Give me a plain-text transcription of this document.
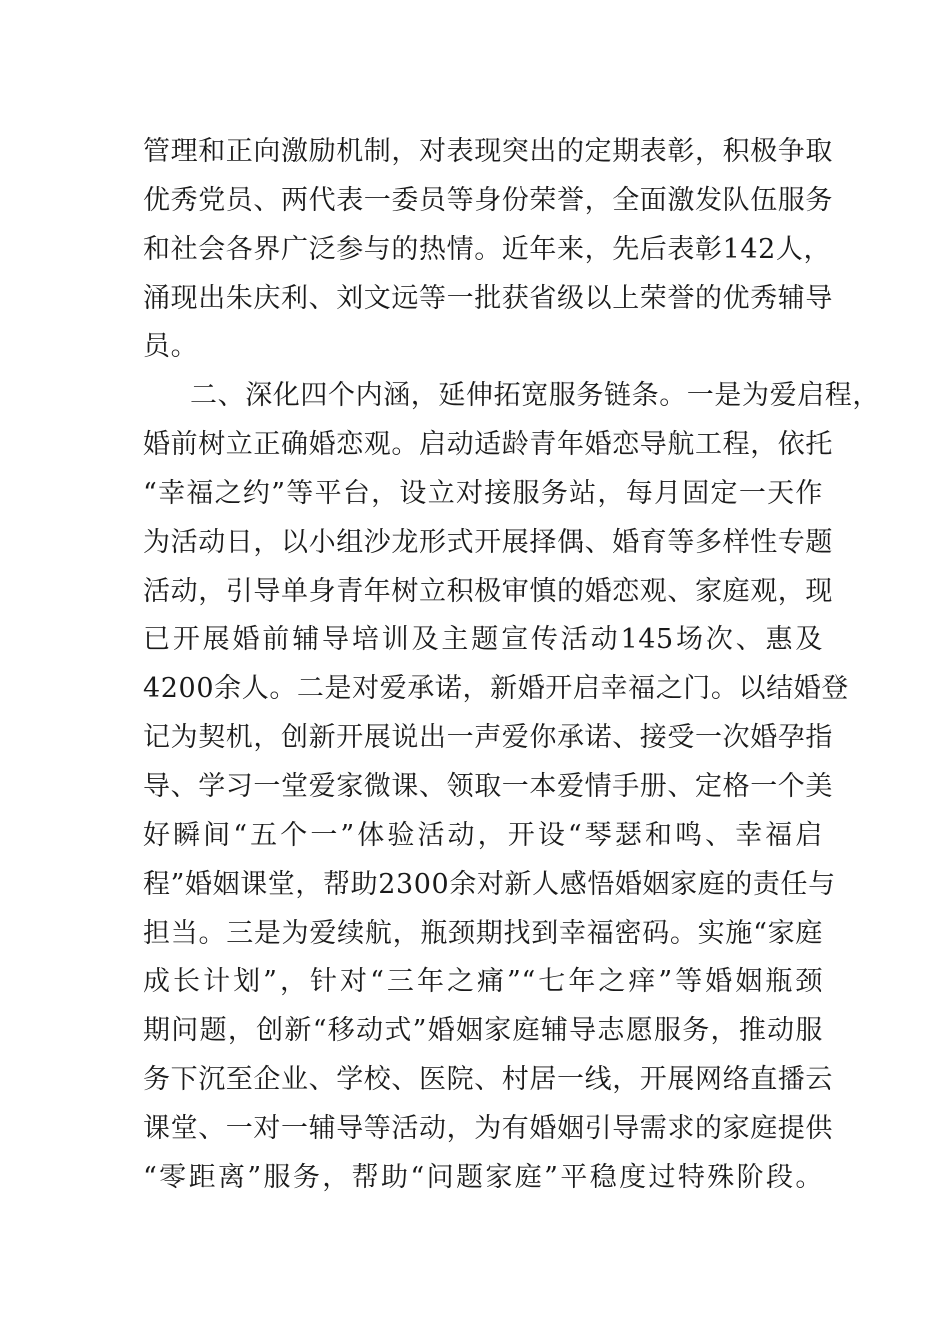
管理和正向激励机制，对表现突出的定期表彰，积极争取
优秀党员、两代表一委员等身份荣誉，全面激发队伍服务
和社会各界广泛参与的热情。近年来，先后表彰142人，
涌现出朱庆利、刘文远等一批获省级以上荣誉的优秀辅导
员。
二、深化四个内涵，延伸拓宽服务链条。一是为爱启程，
婚前树立正确婚恋观。启动适龄青年婚恋导航工程，依托
“幸福之约”等平台，设立对接服务站，每月固定一天作
为活动日，以小组沙龙形式开展择偶、婚育等多样性专题
活动，引导单身青年树立积极审慎的婚恋观、家庭观，现
已开展婚前辅导培训及主题宣传活动145场次、惠及
4200余人。二是对爱承诺，新婚开启幸福之门。以结婚登
记为契机，创新开展说出一声爱你承诺、接受一次婚孕指
导、学习一堂爱家微课、领取一本爱情手册、定格一个美
好瞬间“五个一”体验活动，开设“琴瑟和鸣、幸福启
程”婚姻课堂，帮助2300余对新人感悟婚姻家庭的责任与
担当。三是为爱续航，瓶颈期找到幸福密码。实施“家庭
成长计划”，针对“三年之痛”“七年之痒”等婚姻瓶颈
期问题，创新“移动式”婚姻家庭辅导志愿服务，推动服
务下沉至企业、学校、医院、村居一线，开展网络直播云
课堂、一对一辅导等活动，为有婚姻引导需求的家庭提供
“零距离”服务，帮助“问题家庭”平稳度过特殊阶段。
